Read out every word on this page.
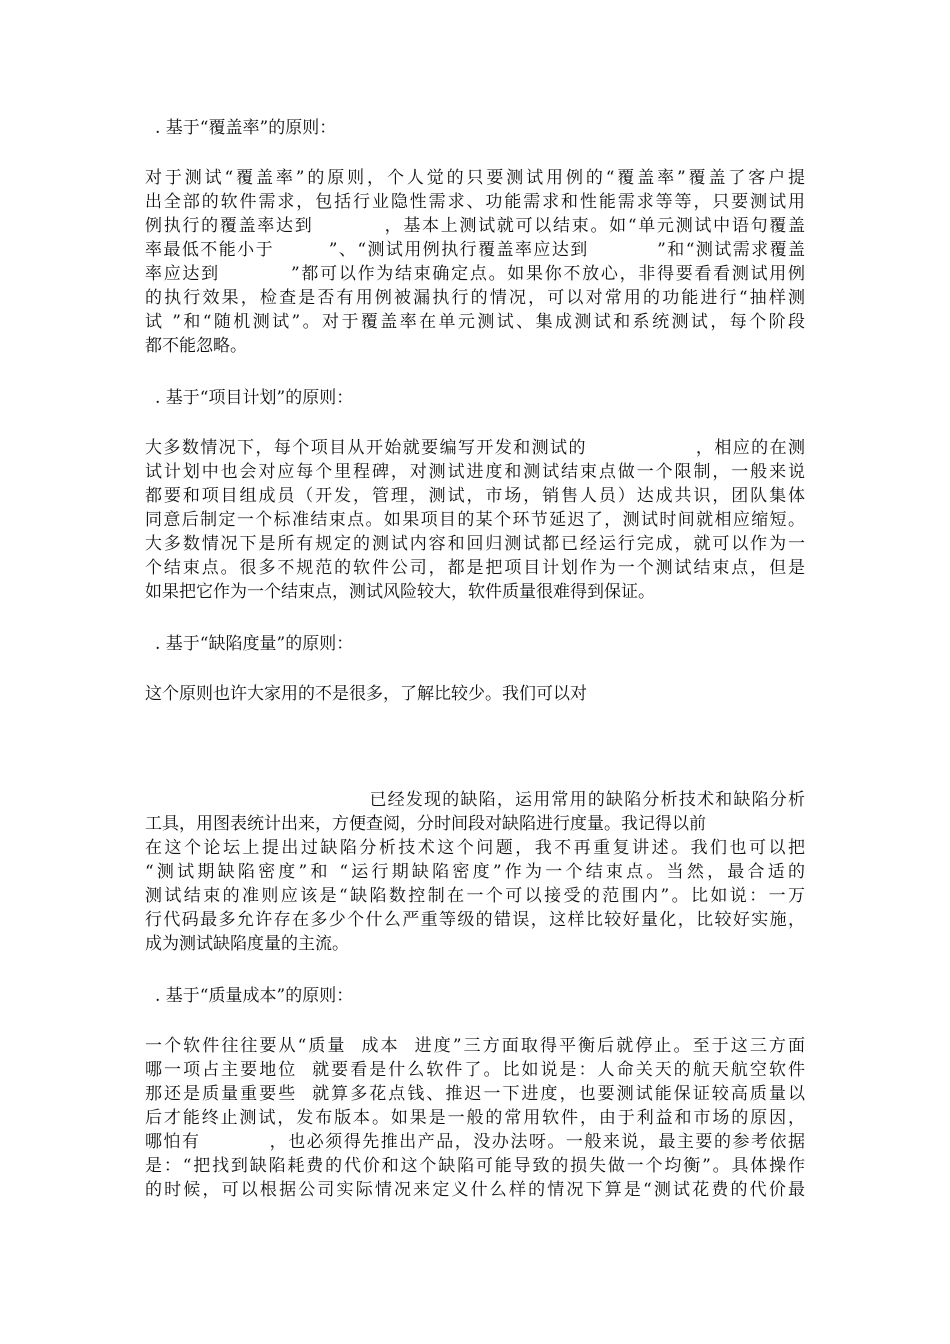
. 基于“覆盖率”的原则：

对于测试“覆盖率”的原则，个人觉的只要测试用例的“覆盖率”覆盖了客户提

出全部的软件需求，包括行业隐性需求、功能需求和性能需求等等，只要测试用

例执行的覆盖率达到          ，基本上测试就可以结束。如“单元测试中语句覆盖

率最低不能小于        ”、“测试用例执行覆盖率应达到          ”和“测试需求覆盖

率应达到          ”都可以作为结束确定点。如果你不放心，非得要看看测试用例

的执行效果，检查是否有用例被漏执行的情况，可以对常用的功能进行“抽样测

试 ”和“随机测试”。对于覆盖率在单元测试、集成测试和系统测试，每个阶段

都不能忽略。

. 基于“项目计划”的原则：

大多数情况下，每个项目从开始就要编写开发和测试的                ，相应的在测

试计划中也会对应每个里程碑，对测试进度和测试结束点做一个限制，一般来说

都要和项目组成员（开发，管理，测试，市场，销售人员）达成共识，团队集体

同意后制定一个标准结束点。如果项目的某个环节延迟了，测试时间就相应缩短。

大多数情况下是所有规定的测试内容和回归测试都已经运行完成，就可以作为一

个结束点。很多不规范的软件公司，都是把项目计划作为一个测试结束点，但是

如果把它作为一个结束点，测试风险较大，软件质量很难得到保证。

. 基于“缺陷度量”的原则：

这个原则也许大家用的不是很多，了解比较少。我们可以对

已经发现的缺陷，运用常用的缺陷分析技术和缺陷分析

工具，用图表统计出来，方便查阅，分时间段对缺陷进行度量。我记得以前

在这个论坛上提出过缺陷分析技术这个问题，我不再重复讲述。我们也可以把

“测试期缺陷密度”和 “运行期缺陷密度”作为一个结束点。当然，最合适的

测试结束的准则应该是“缺陷数控制在一个可以接受的范围内”。比如说：一万

行代码最多允许存在多少个什么严重等级的错误，这样比较好量化，比较好实施，

成为测试缺陷度量的主流。

. 基于“质量成本”的原则：

一个软件往往要从“质量  成本  进度”三方面取得平衡后就停止。至于这三方面

哪一项占主要地位  就要看是什么软件了。比如说是：人命关天的航天航空软件

那还是质量重要些  就算多花点钱、推迟一下进度，也要测试能保证较高质量以

后才能终止测试，发布版本。如果是一般的常用软件，由于利益和市场的原因，

哪怕有          ，也必须得先推出产品，没办法呀。一般来说，最主要的参考依据

是：“把找到缺陷耗费的代价和这个缺陷可能导致的损失做一个均衡”。具体操作

的时候，可以根据公司实际情况来定义什么样的情况下算是“测试花费的代价最
